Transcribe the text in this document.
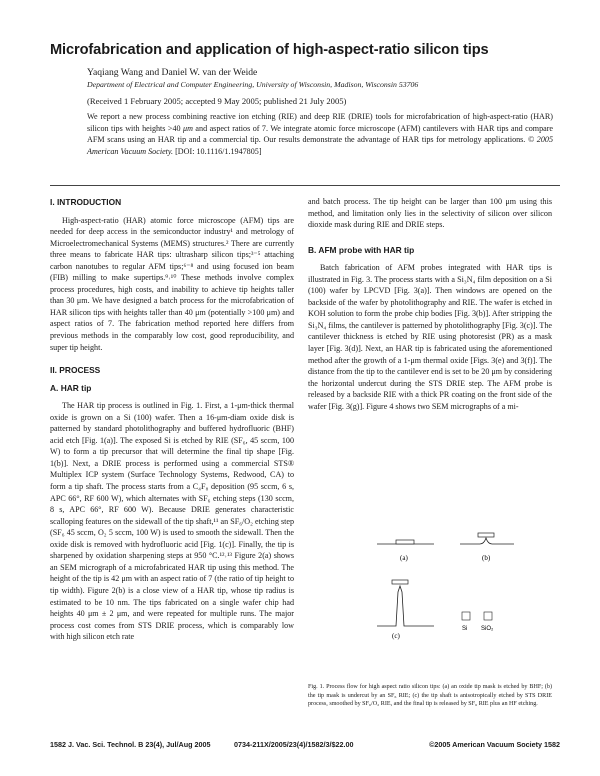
Microfabrication and application of high-aspect-ratio silicon tips
Yaqiang Wang and Daniel W. van der Weide
Department of Electrical and Computer Engineering, University of Wisconsin, Madison, Wisconsin 53706
(Received 1 February 2005; accepted 9 May 2005; published 21 July 2005)
We report a new process combining reactive ion etching (RIE) and deep RIE (DRIE) tools for microfabrication of high-aspect-ratio (HAR) silicon tips with heights >40 μm and aspect ratios of 7. We integrate atomic force microscope (AFM) cantilevers with HAR tips and compare AFM scans using an HAR tip and a commercial tip. Our results demonstrate the advantage of HAR tips for metrology applications. © 2005 American Vacuum Society. [DOI: 10.1116/1.1947805]
I. INTRODUCTION

High-aspect-ratio (HAR) atomic force microscope (AFM) tips are needed for deep access in the semiconductor industry¹ and metrology of Microelectromechanical Systems (MEMS) structures.² There are currently three means to fabricate HAR tips: ultrasharp silicon tips;³⁻⁵ attaching carbon nanotubes to regular AFM tips;⁶⁻⁸ and using focused ion beam (FIB) milling to make supertips.⁹˒¹⁰ These methods involve complex process procedures, high costs, and inability to achieve tip heights taller than 30 μm. We have designed a batch process for the microfabrication of HAR silicon tips with heights taller than 40 μm (potentially >100 μm) and aspect ratios of 7. The fabrication method reported here differs from previous methods in the comparably low cost, good reproducibility, and super tip height.

II. PROCESS
A. HAR tip

The HAR tip process is outlined in Fig. 1. First, a 1-μm-thick thermal oxide is grown on a Si (100) wafer. Then a 16-μm-diam oxide disk is patterned by standard photolithography and buffered hydrofluoric (BHF) acid etch [Fig. 1(a)]. The exposed Si is etched by RIE (SF₆, 45 sccm, 100 W) to form a tip precursor that will determine the final tip shape [Fig. 1(b)]. Next, a DRIE process is performed using a commercial STS® Multiplex ICP system (Surface Technology Systems, Redwood, CA) to form a tip shaft. The process starts from a C₄F₈ deposition (95 sccm, 6 s, APC 66°, RF 600 W), which alternates with SF₆ etching steps (130 sccm, 8 s, APC 66°, RF 600 W). Because DRIE generates characteristic scalloping features on the sidewall of the tip shaft,¹¹ an SF₆/O₂ etching step (SF₆ 45 sccm, O₂ 5 sccm, 100 W) is used to smooth the sidewall. Then the oxide disk is removed with hydrofluoric acid [Fig. 1(c)]. Finally, the tip is sharpened by oxidation sharpening steps at 950 °C.¹²˒¹³ Figure 2(a) shows an SEM micrograph of a microfabricated HAR tip using this method. The height of the tip is 42 μm with an aspect ratio of 7 (the ratio of tip height to tip width). Figure 2(b) is a close view of a HAR tip, whose tip radius is estimated to be 10 nm. The tips fabricated on a single wafer chip had heights 40 μm ± 2 μm, and were repeated for multiple runs. The major process cost comes from STS DRIE process, which is comparably low with high silicon etch rate

and batch process. The tip height can be larger than 100 μm using this method, and limitation only lies in the selectivity of silicon over silicon dioxide mask during RIE and DRIE steps.

B. AFM probe with HAR tip

Batch fabrication of AFM probes integrated with HAR tips is illustrated in Fig. 3. The process starts with a Si₃N₄ film deposition on a Si (100) wafer by LPCVD [Fig. 3(a)]. Then windows are opened on the backside of the wafer by photolithography and RIE. The wafer is etched in KOH solution to form the probe chip bodies [Fig. 3(b)]. After stripping the Si₃N₄ films, the cantilever is patterned by photolithography [Fig. 3(c)]. The cantilever thickness is etched by RIE using photoresist (PR) as a mask layer [Fig. 3(d)]. Next, an HAR tip is fabricated using the aforementioned method after the growth of a 1-μm thermal oxide [Figs. 3(e) and 3(f)]. The distance from the tip to the cantilever end is set to be 20 μm by considering the horizontal undercut during the STS DRIE step. The AFM probe is released by a backside RIE with a thick PR coating on the front side of the wafer [Fig. 3(g)]. Figure 4 shows two SEM micrographs of a mi-

(a)	(b)
(c)
Si SiO₂
Fig. 1. Process flow for high aspect ratio silicon tips: (a) an oxide tip mask is etched by BHF; (b) the tip mask is undercut by an SF₆ RIE; (c) the tip shaft is anisotropically etched by STS DRIE process, smoothed by SF₆/O₂ RIE, and the final tip is released by SF₆ RIE plus an HF etching.
1582 J. Vac. Sci. Technol. B 23(4), Jul/Aug 2005	0734-211X/2005/23(4)/1582/3/$22.00	©2005 American Vacuum Society 1582
